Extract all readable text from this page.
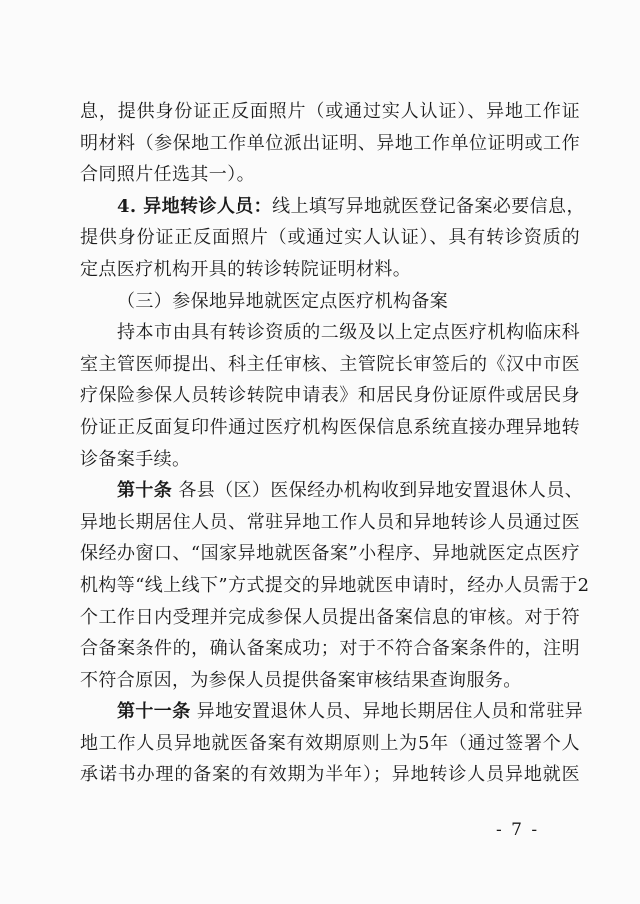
息，提供身份证正反面照片（或通过实人认证）、异地工作证
明材料（参保地工作单位派出证明、异地工作单位证明或工作
合同照片任选其一）。
4. 异地转诊人员：线上填写异地就医登记备案必要信息，
提供身份证正反面照片（或通过实人认证）、具有转诊资质的
定点医疗机构开具的转诊转院证明材料。
（三）参保地异地就医定点医疗机构备案
持本市由具有转诊资质的二级及以上定点医疗机构临床科
室主管医师提出、科主任审核、主管院长审签后的《汉中市医
疗保险参保人员转诊转院申请表》和居民身份证原件或居民身
份证正反面复印件通过医疗机构医保信息系统直接办理异地转
诊备案手续。
第十条 各县（区）医保经办机构收到异地安置退休人员、
异地长期居住人员、常驻异地工作人员和异地转诊人员通过医
保经办窗口、“国家异地就医备案”小程序、异地就医定点医疗
机构等“线上线下”方式提交的异地就医申请时，经办人员需于2
个工作日内受理并完成参保人员提出备案信息的审核。对于符
合备案条件的，确认备案成功；对于不符合备案条件的，注明
不符合原因，为参保人员提供备案审核结果查询服务。
第十一条 异地安置退休人员、异地长期居住人员和常驻异
地工作人员异地就医备案有效期原则上为5年（通过签署个人
承诺书办理的备案的有效期为半年）；异地转诊人员异地就医
- 7 -
